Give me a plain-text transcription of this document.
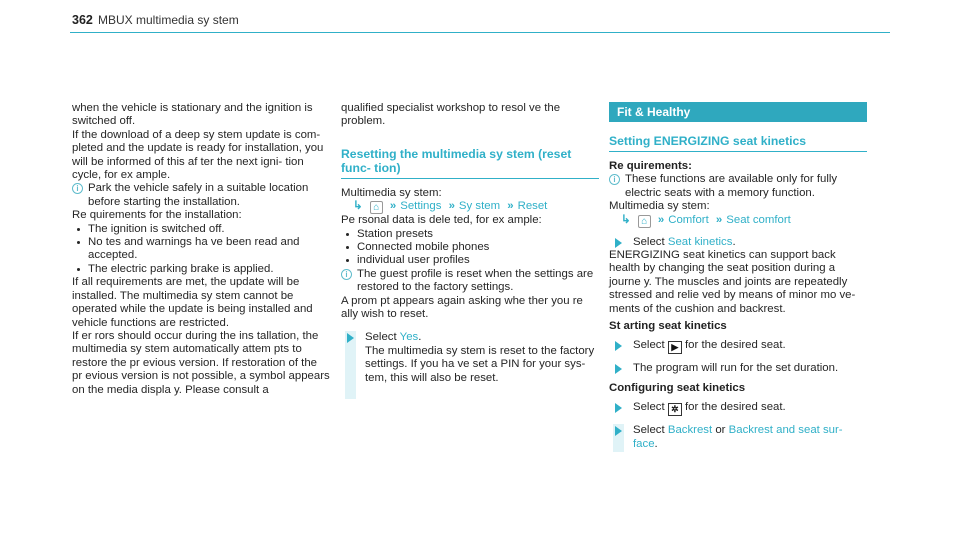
362 MBUX multimedia sy stem

when the vehicle is stationary and the ignition is switched off.

If the download of a deep sy stem update is com‐ pleted and the update is ready for installation, you will be informed of this af ter the next igni‐ tion cycle, for ex ample.

i Park the vehicle safely in a suitable location before starting the installation.

Re quirements for the installation:

The ignition is switched off.
No tes and warnings ha ve been read and accepted.
The electric parking brake is applied.

If all requirements are met, the update will be installed. The multimedia sy stem cannot be operated while the update is being installed and vehicle functions are restricted.

If er rors should occur during the ins tallation, the multimedia sy stem automatically attem pts to restore the pr evious version. If restoration of the pr evious version is not possible, a symbol appears on the media displa y. Please consult a

qualified specialist workshop to resol ve the problem.

Resetting the multimedia sy stem (reset func‐ tion)

Multimedia sy stem:

↳ ⌂ » Settings » Sy stem » Reset

Pe rsonal data is dele ted, for ex ample:

Station presets
Connected mobile phones
individual user profiles

i The guest profile is reset when the settings are restored to the factory settings.

A prom pt appears again asking whe ther you re ally wish to reset.

Select Yes.
The multimedia sy stem is reset to the factory settings. If you ha ve set a PIN for your sys‐ tem, this will also be reset.
Fit & Healthy
Setting ENERGIZING seat kinetics

Re quirements:

i These functions are available only for fully electric seats with a memory function.

Multimedia sy stem:

↳ ⌂ » Comfort » Seat comfort

Select Seat kinetics.

ENERGIZING seat kinetics can support back health by changing the seat position during a journe y. The muscles and joints are repeatedly stressed and relie ved by means of minor mo ve‐ ments of the cushion and backrest.

St arting seat kinetics

Select ▶ for the desired seat.
The program will run for the set duration.

Configuring seat kinetics

Select ✲ for the desired seat.
Select Backrest or Backrest and seat sur‐ face.
